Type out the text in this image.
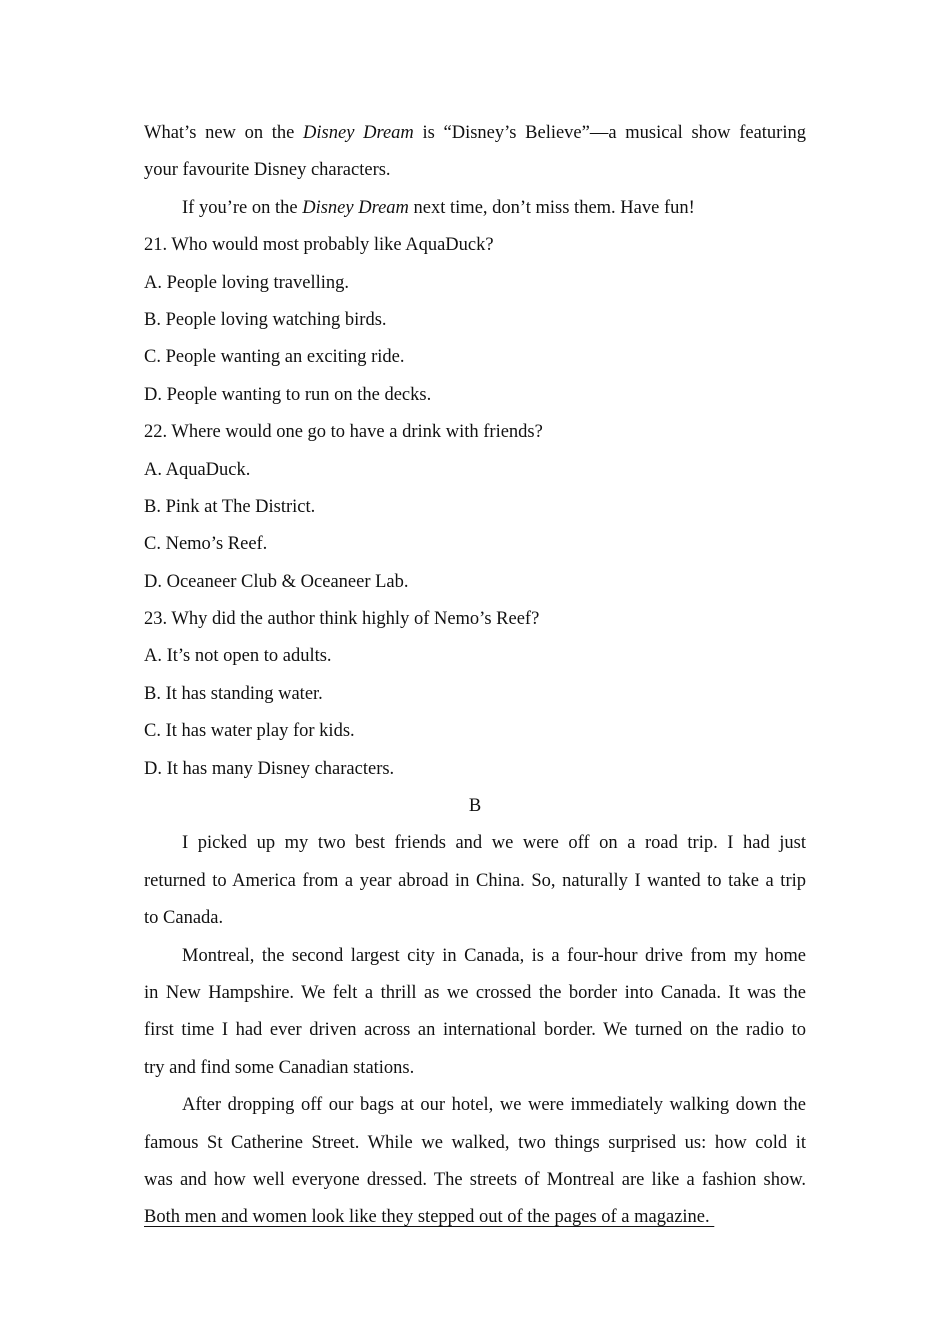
What’s new on the Disney Dream is “Disney’s Believe”—a musical show featuring
your favourite Disney characters.
If you’re on the Disney Dream next time, don’t miss them. Have fun!
21. Who would most probably like AquaDuck?
A. People loving travelling.
B. People loving watching birds.
C. People wanting an exciting ride.
D. People wanting to run on the decks.
22. Where would one go to have a drink with friends?
A. AquaDuck.
B. Pink at The District.
C. Nemo’s Reef.
D. Oceaneer Club & Oceaneer Lab.
23. Why did the author think highly of Nemo’s Reef?
A. It’s not open to adults.
B. It has standing water.
C. It has water play for kids.
D. It has many Disney characters.
B
I picked up my two best friends and we were off on a road trip. I had just
returned to America from a year abroad in China. So, naturally I wanted to take a trip
to Canada.
Montreal, the second largest city in Canada, is a four-hour drive from my home
in New Hampshire. We felt a thrill as we crossed the border into Canada. It was the
first time I had ever driven across an international border. We turned on the radio to
try and find some Canadian stations.
After dropping off our bags at our hotel, we were immediately walking down the
famous St Catherine Street. While we walked, two things surprised us: how cold it
was and how well everyone dressed. The streets of Montreal are like a fashion show.
Both men and women look like they stepped out of the pages of a magazine.
